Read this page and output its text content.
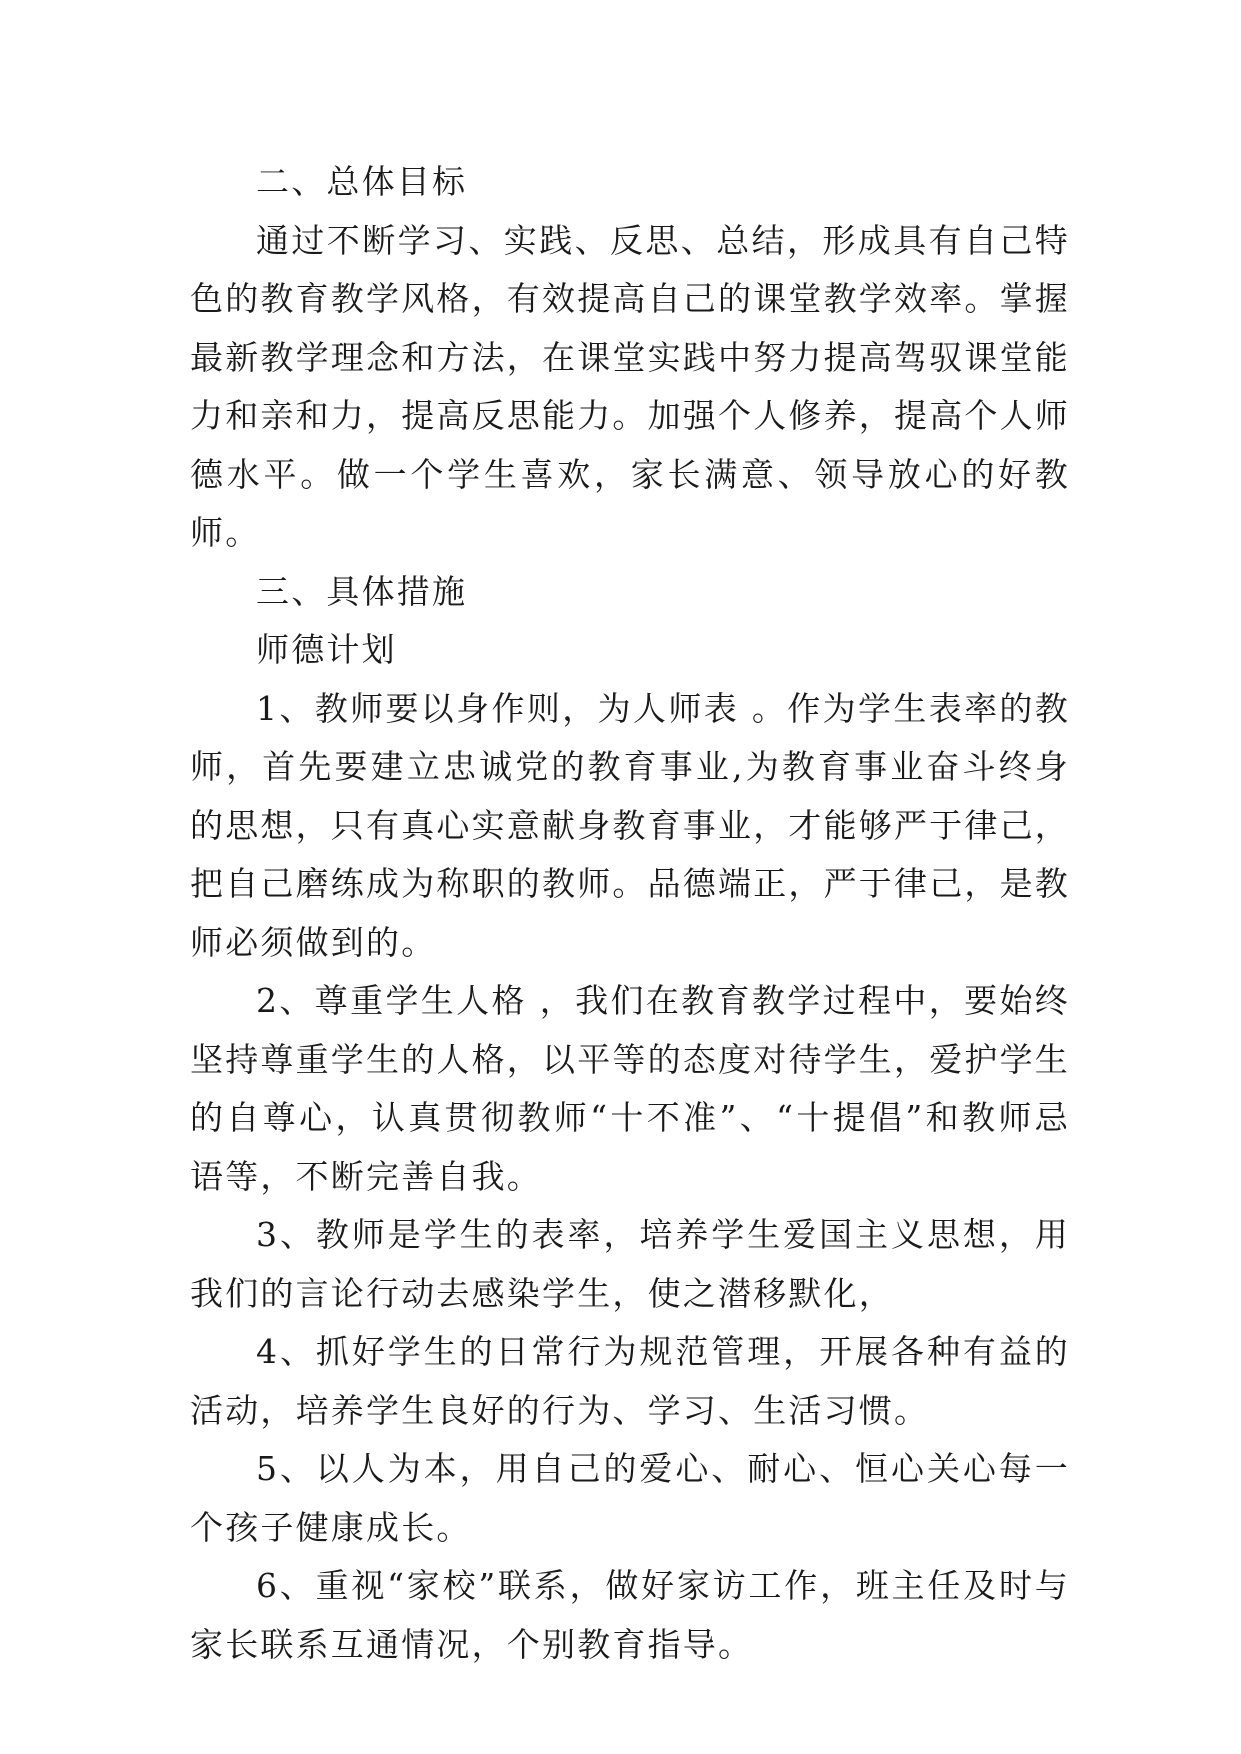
二、总体目标

通过不断学习、实践、反思、总结，形成具有自己特色的教育教学风格，有效提高自己的课堂教学效率。掌握最新教学理念和方法，在课堂实践中努力提高驾驭课堂能力和亲和力，提高反思能力。加强个人修养，提高个人师德水平。做一个学生喜欢，家长满意、领导放心的好教师。

三、具体措施

师德计划

1、教师要以身作则，为人师表 。作为学生表率的教师，首先要建立忠诚党的教育事业,为教育事业奋斗终身的思想，只有真心实意献身教育事业，才能够严于律己，把自己磨练成为称职的教师。品德端正，严于律己，是教师必须做到的。

2、尊重学生人格 ，我们在教育教学过程中，要始终坚持尊重学生的人格，以平等的态度对待学生，爱护学生的自尊心，认真贯彻教师“十不准”、“十提倡”和教师忌语等，不断完善自我。

3、教师是学生的表率，培养学生爱国主义思想，用我们的言论行动去感染学生，使之潜移默化，

4、抓好学生的日常行为规范管理，开展各种有益的活动，培养学生良好的行为、学习、生活习惯。

5、以人为本，用自己的爱心、耐心、恒心关心每一个孩子健康成长。

6、重视“家校”联系，做好家访工作，班主任及时与家长联系互通情况，个别教育指导。
